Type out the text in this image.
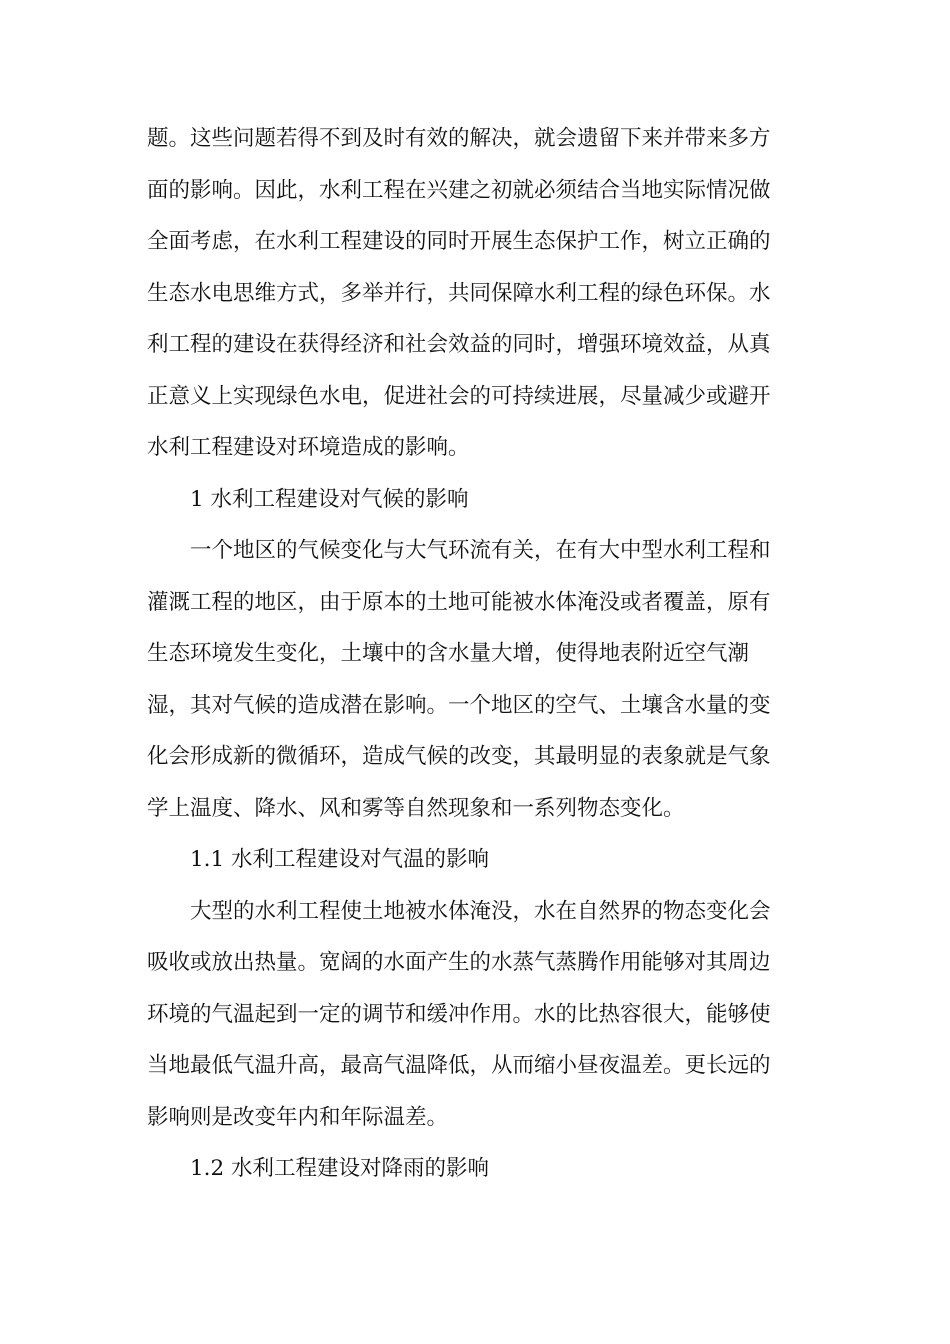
题。这些问题若得不到及时有效的解决，就会遗留下来并带来多方
面的影响。因此，水利工程在兴建之初就必须结合当地实际情况做
全面考虑，在水利工程建设的同时开展生态保护工作，树立正确的
生态水电思维方式，多举并行，共同保障水利工程的绿色环保。水
利工程的建设在获得经济和社会效益的同时，增强环境效益，从真
正意义上实现绿色水电，促进社会的可持续进展，尽量减少或避开
水利工程建设对环境造成的影响。
1 水利工程建设对气候的影响
一个地区的气候变化与大气环流有关，在有大中型水利工程和
灌溉工程的地区，由于原本的土地可能被水体淹没或者覆盖，原有
生态环境发生变化，土壤中的含水量大增，使得地表附近空气潮
湿，其对气候的造成潜在影响。一个地区的空气、土壤含水量的变
化会形成新的微循环，造成气候的改变，其最明显的表象就是气象
学上温度、降水、风和雾等自然现象和一系列物态变化。
1.1 水利工程建设对气温的影响
大型的水利工程使土地被水体淹没，水在自然界的物态变化会
吸收或放出热量。宽阔的水面产生的水蒸气蒸腾作用能够对其周边
环境的气温起到一定的调节和缓冲作用。水的比热容很大，能够使
当地最低气温升高，最高气温降低，从而缩小昼夜温差。更长远的
影响则是改变年内和年际温差。
1.2 水利工程建设对降雨的影响
